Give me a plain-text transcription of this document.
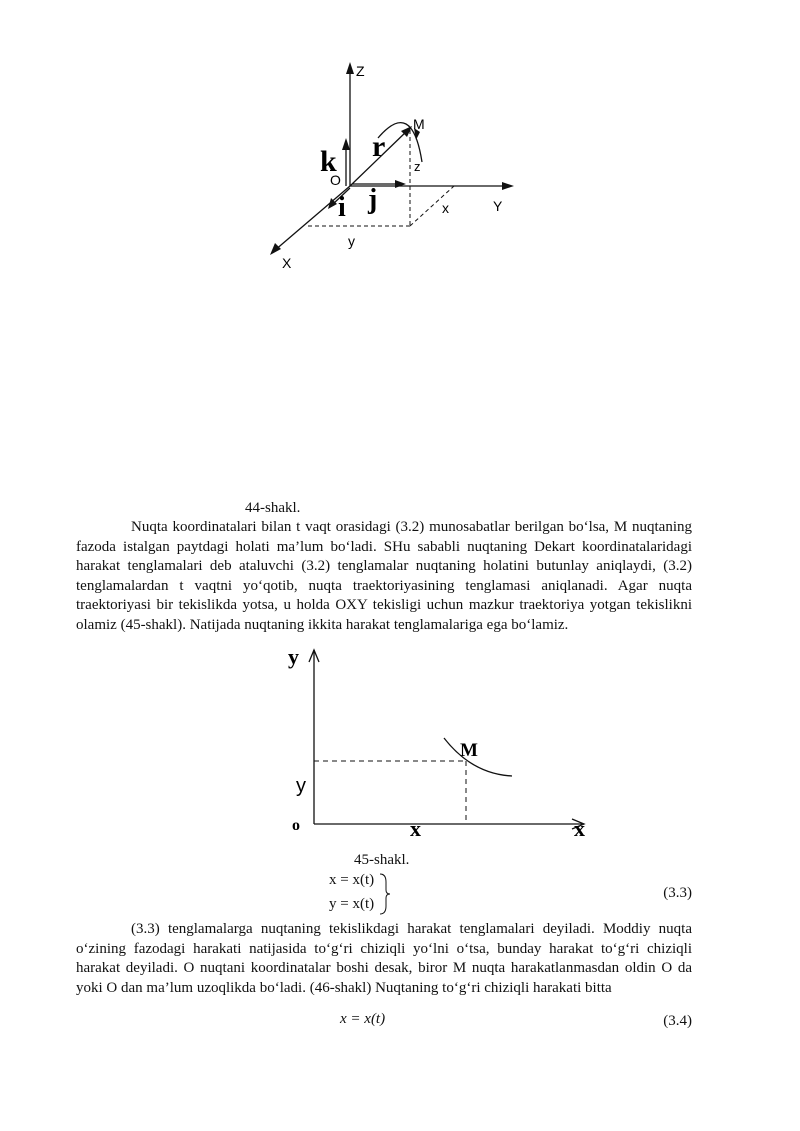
Z
M
z
O
k r
i j	x	Y
y
X
44-shakl.

Nuqta koordinatalari bilan t vaqt orasidagi (3.2) munosabatlar berilgan bo‘lsa, M nuqtaning fazoda istalgan paytdagi holati ma’lum bo‘ladi. SHu sababli nuqtaning Dekart koordinatalaridagi harakat tenglamalari deb ataluvchi (3.2) tenglamalar nuqtaning holatini butunlay aniqlaydi, (3.2) tenglamalardan t vaqtni yo‘qotib, nuqta traektoriyasining tenglamasi aniqlanadi. Agar nuqta traektoriyasi bir tekislikda yotsa, u holda OXY tekisligi uchun mazkur traektoriya yotgan tekislikni olamiz (45-shakl). Natijada nuqtaning ikkita harakat tenglamalariga ega bo‘lamiz.

y
M
y
o	x	x
45-shakl.
x = x(t)
y = x(t)
(3.3)

(3.3) tenglamalarga nuqtaning tekislikdagi harakat tenglamalari deyiladi. Moddiy nuqta o‘zining fazodagi harakati natijasida to‘g‘ri chiziqli yo‘lni o‘tsa, bunday harakat to‘g‘ri chiziqli harakat deyiladi. O nuqtani koordinatalar boshi desak, biror M nuqta harakatlanmasdan oldin O da yoki O dan ma’lum uzoqlikda bo‘ladi. (46-shakl) Nuqtaning to‘g‘ri chiziqli harakati bitta

x = x(t)	(3.4)
